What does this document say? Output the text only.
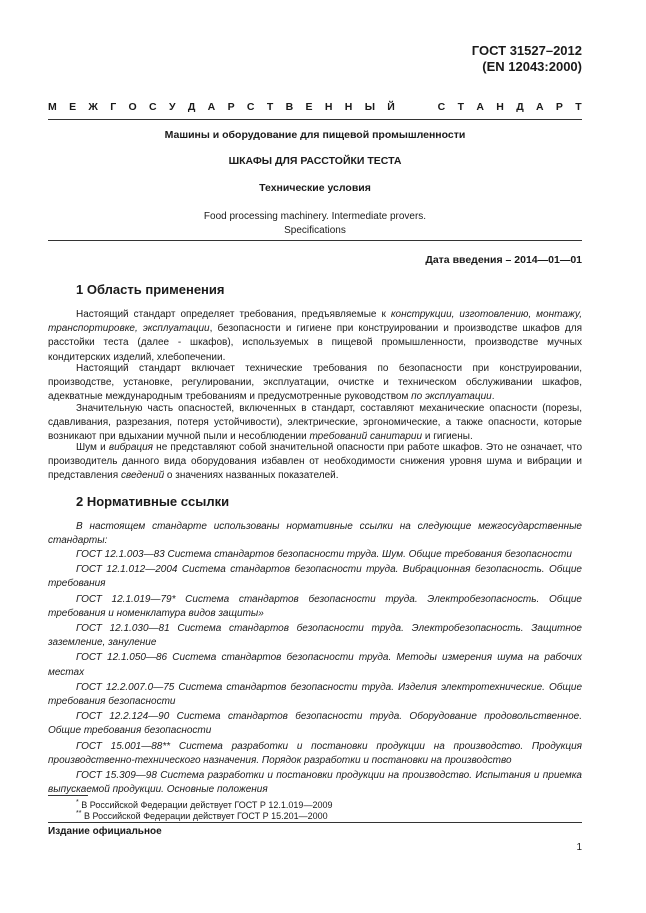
ГОСТ 31527–2012
(EN 12043:2000)
М Е Ж Г О С У Д А Р С Т В Е Н Н Ы Й

	С Т А Н Д А Р Т
Машины и оборудование для пищевой промышленности
ШКАФЫ ДЛЯ РАССТОЙКИ ТЕСТА
Технические условия
Food processing machinery. Intermediate provers.
Specifications
Дата введения – 2014—01—01
1 Область применения
Настоящий стандарт определяет требования, предъявляемые к конструкции, изготовлению, монтажу, транспортировке, эксплуатации, безопасности и гигиене при конструировании и производстве шкафов для расстойки теста (далее - шкафов), используемых в пищевой промышленности, производстве мучных кондитерских изделий, хлебопечении.
Настоящий стандарт включает технические требования по безопасности при конструировании, производстве, установке, регулировании, эксплуатации, очистке и техническом обслуживании шкафов, адекватные международным требованиям и предусмотренные руководством по эксплуатации.
Значительную часть опасностей, включенных в стандарт, составляют механические опасности (порезы, сдавливания, разрезания, потеря устойчивости), электрические, эргономические, а также опасности, которые возникают при вдыхании мучной пыли и несоблюдении требований санитарии и гигиены.
Шум и вибрация не представляют собой значительной опасности при работе шкафов. Это не означает, что производитель данного вида оборудования избавлен от необходимости снижения уровня шума и вибрации и представления сведений о значениях названных показателей.
2 Нормативные ссылки
В настоящем стандарте использованы нормативные ссылки на следующие межгосударственные стандарты:
ГОСТ 12.1.003—83 Система стандартов безопасности труда. Шум. Общие требования безопасности
ГОСТ 12.1.012—2004 Система стандартов безопасности труда. Вибрационная безопасность. Общие требования
ГОСТ 12.1.019—79* Система стандартов безопасности труда. Электробезопасность. Общие требования и номенклатура видов защиты»
ГОСТ 12.1.030—81 Система стандартов безопасности труда. Электробезопасность. Защитное заземление, зануление
ГОСТ 12.1.050—86 Система стандартов безопасности труда. Методы измерения шума на рабочих местах
ГОСТ 12.2.007.0—75 Система стандартов безопасности труда. Изделия электротехнические. Общие требования безопасности
ГОСТ 12.2.124—90 Система стандартов безопасности труда. Оборудование продовольственное. Общие требования безопасности
ГОСТ 15.001—88** Система разработки и постановки продукции на производство. Продукция производственно-технического назначения. Порядок разработки и постановки на производство
ГОСТ 15.309—98 Система разработки и постановки продукции на производство. Испытания и приемка выпускаемой продукции. Основные положения
* В Российской Федерации действует ГОСТ Р 12.1.019—2009
** В Российской Федерации действует ГОСТ Р 15.201—2000
Издание официальное
1
